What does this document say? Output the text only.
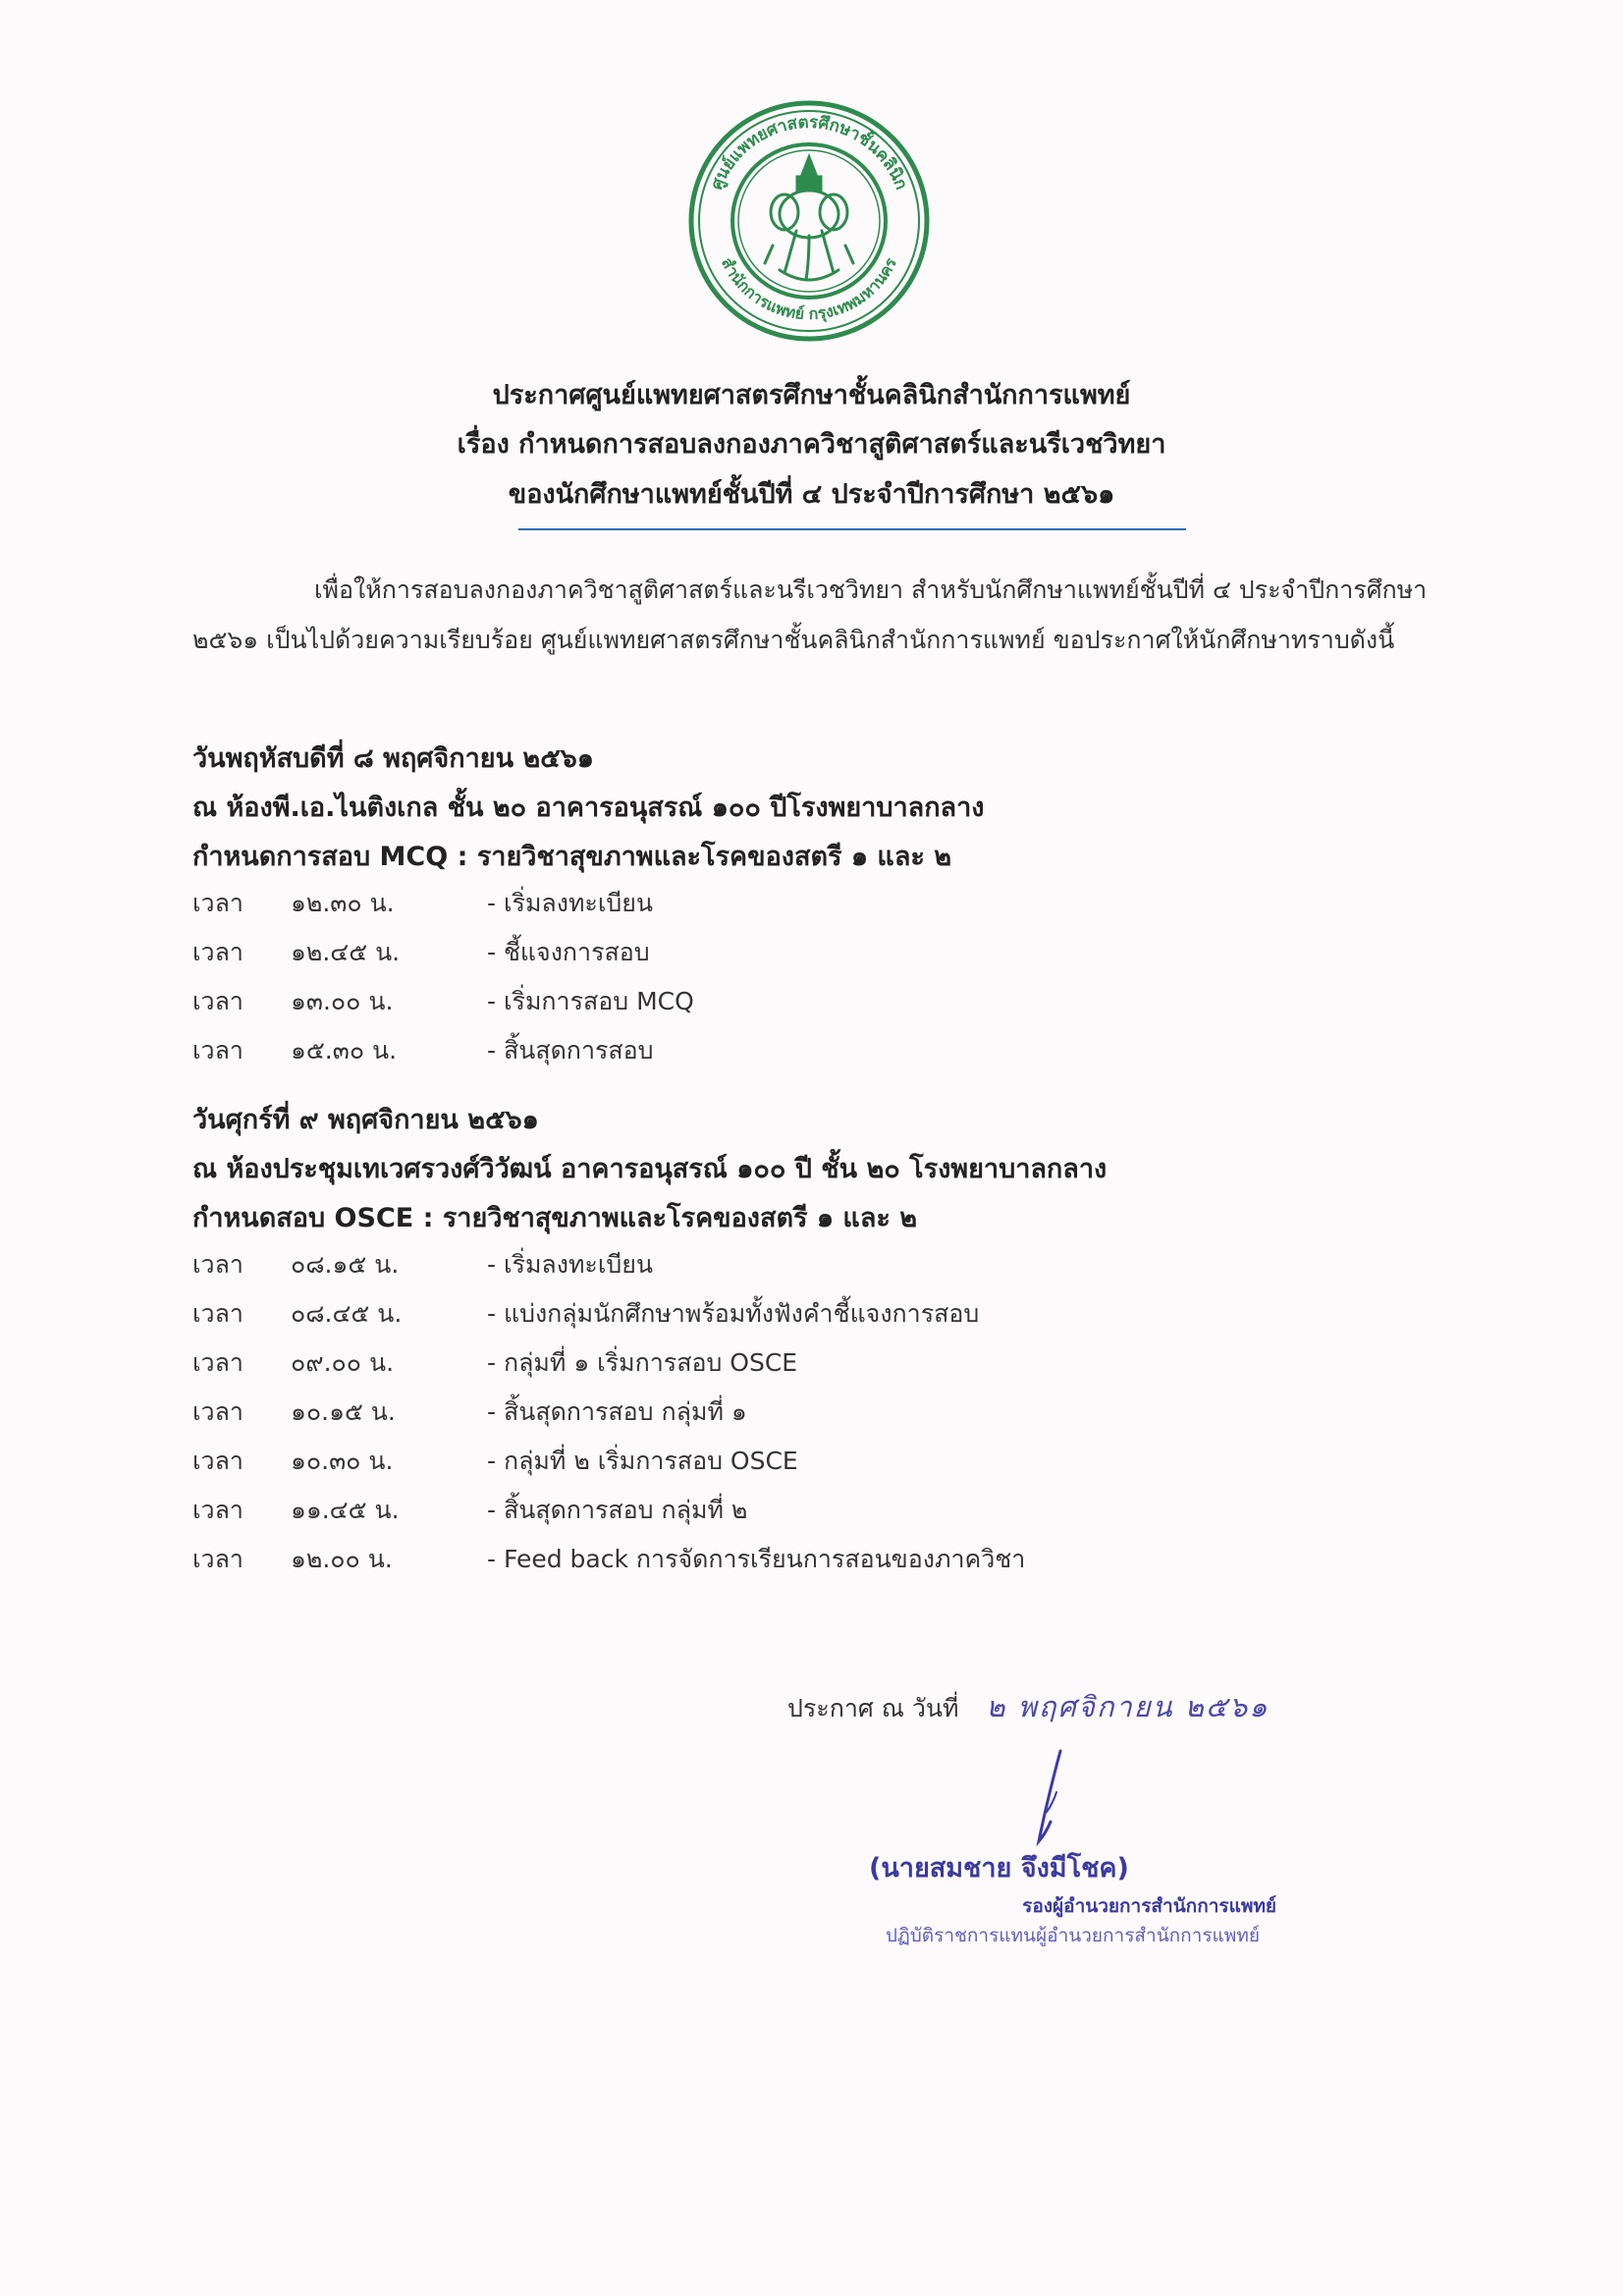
ศูนย์แพทยศาสตรศึกษาชั้นคลินิก
สำนักการแพทย์ กรุงเทพมหานคร
ประกาศศูนย์แพทยศาสตรศึกษาชั้นคลินิกสำนักการแพทย์
เรื่อง กำหนดการสอบลงกองภาควิชาสูติศาสตร์และนรีเวชวิทยา
ของนักศึกษาแพทย์ชั้นปีที่ ๔ ประจำปีการศึกษา ๒๕๖๑
เพื่อให้การสอบลงกองภาควิชาสูติศาสตร์และนรีเวชวิทยา สำหรับนักศึกษาแพทย์ชั้นปีที่ ๔ ประจำปีการศึกษา ๒๕๖๑ เป็นไปด้วยความเรียบร้อย ศูนย์แพทยศาสตรศึกษาชั้นคลินิกสำนักการแพทย์ ขอประกาศให้นักศึกษาทราบดังนี้
วันพฤหัสบดีที่ ๘ พฤศจิกายน ๒๕๖๑
ณ ห้องพี.เอ.ไนติงเกล ชั้น ๒๐ อาคารอนุสรณ์ ๑๐๐ ปีโรงพยาบาลกลาง
กำหนดการสอบ MCQ : รายวิชาสุขภาพและโรคของสตรี ๑ และ ๒
เวลา ๑๒.๓๐ น.	- เริ่มลงทะเบียน
เวลา ๑๒.๔๕ น.	- ชี้แจงการสอบ
เวลา ๑๓.๐๐ น.	- เริ่มการสอบ MCQ
เวลา ๑๕.๓๐ น.	- สิ้นสุดการสอบ
วันศุกร์ที่ ๙ พฤศจิกายน ๒๕๖๑
ณ ห้องประชุมเทเวศรวงศ์วิวัฒน์ อาคารอนุสรณ์ ๑๐๐ ปี ชั้น ๒๐ โรงพยาบาลกลาง
กำหนดสอบ OSCE : รายวิชาสุขภาพและโรคของสตรี ๑ และ ๒
เวลา ๐๘.๑๕ น.	- เริ่มลงทะเบียน
เวลา ๐๘.๔๕ น.	- แบ่งกลุ่มนักศึกษาพร้อมทั้งฟังคำชี้แจงการสอบ
เวลา ๐๙.๐๐ น.	- กลุ่มที่ ๑ เริ่มการสอบ OSCE
เวลา ๑๐.๑๕ น.	- สิ้นสุดการสอบ กลุ่มที่ ๑
เวลา ๑๐.๓๐ น.	- กลุ่มที่ ๒ เริ่มการสอบ OSCE
เวลา ๑๑.๔๕ น.	- สิ้นสุดการสอบ กลุ่มที่ ๒
เวลา ๑๒.๐๐ น.	- Feed back การจัดการเรียนการสอนของภาควิชา
ประกาศ ณ วันที่ ๒ พฤศจิกายน ๒๕๖๑
(นายสมชาย จึงมีโชค)
รองผู้อำนวยการสำนักการแพทย์
ปฏิบัติราชการแทนผู้อำนวยการสำนักการแพทย์
